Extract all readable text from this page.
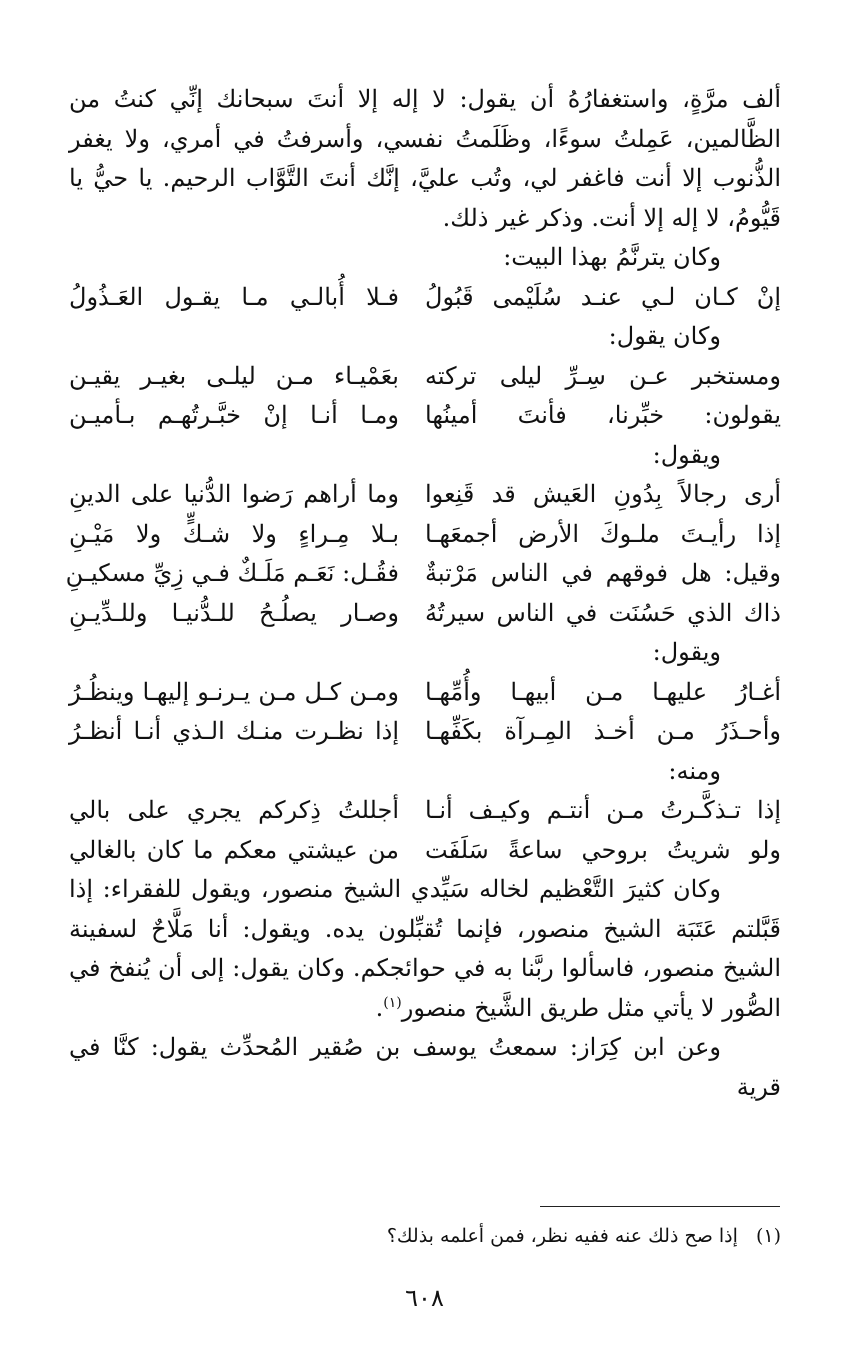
ألف مرَّةٍ، واستغفارُهُ أن يقول: لا إله إلا أنتَ سبحانك إنِّي كنتُ من الظَّالمين، عَمِلتُ سوءًا، وظَلَمتُ نفسي، وأسرفتُ في أمري، ولا يغفر الذُّنوب إلا أنت فاغفر لي، وتُب عليَّ، إنَّك أنتَ التَّوَّاب الرحيم. يا حيُّ يا قَيُّومُ، لا إله إلا أنت. وذكر غير ذلك.

وكان يترنَّمُ بهذا البيت:

إنْ كـان لـي عنـد سُلَيْمى قَبُولُ
فـلا أُبالـي مـا يقـول العَـذُولُ

وكان يقول:

ومستخبر عـن سِـرِّ ليلى تركته
بعَمْيـاء مـن ليلـى بغيـر يقيـن
يقولون: خبِّرنا، فأنتَ أمينُها
ومـا أنـا إنْ خبَّـرتُهـم بـأميـن

ويقول:

أرى رجالاً بِدُونِ العَيش قد قَنِعوا
وما أراهم رَضوا الدُّنيا على الدينِ
إذا رأيـتَ ملـوكَ الأرض أجمعَهـا
بـلا مِـراءٍ ولا شـكٍّ ولا مَيْـنِ
وقيل: هل فوقهم في الناس مَرْتبةٌ
فقُـل: نَعَـم مَلَـكٌ فـي زِيِّ مسكيـنِ
ذاك الذي حَسُنَت في الناس سيرتُهُ
وصـار يصلُـحُ للـدُّنيـا وللـدِّيـنِ

ويقول:

أغـارُ عليهـا مـن أبيهـا وأُمِّهـا
ومـن كـل مـن يـرنـو إليهـا وينظُـرُ
وأحـذَرُ مـن أخـذ المِـرآة بكَفِّهـا
إذا نظـرت منـك الـذي أنـا أنظـرُ

ومنه:

إذا تـذكَّـرتُ مـن أنتـم وكيـف أنـا
أجللتُ ذِكركم يجري على بالي
ولو شريتُ بروحي ساعةً سَلَفَت
من عيشتي معكم ما كان بالغالي

وكان كثيرَ التَّعْظيم لخاله سَيِّدي الشيخ منصور، ويقول للفقراء: إذا قَبَّلتم عَتَبَة الشيخ منصور، فإنما تُقبِّلون يده. ويقول: أنا مَلَّاحٌ لسفينة الشيخ منصور، فاسألوا ربَّنا به في حوائجكم. وكان يقول: إلى أن يُنفخ في الصُّور لا يأتي مثل طريق الشَّيخ منصور$^{(١)}$.

وعن ابن كِرَاز: سمعتُ يوسف بن صُقير المُحدِّث يقول: كنَّا في قرية

(١)إذا صح ذلك عنه ففيه نظر، فمن أعلمه بذلك؟
٦٠٨
